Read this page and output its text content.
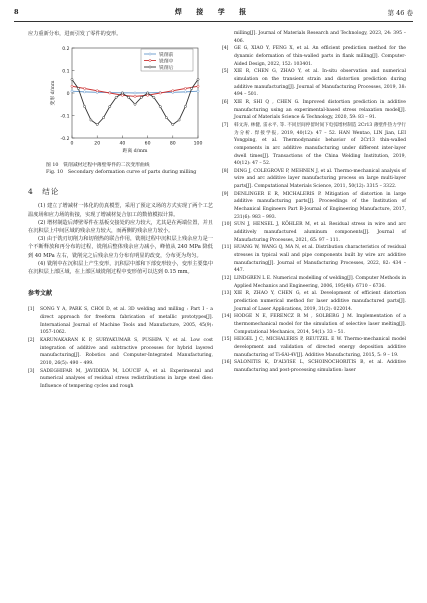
8	焊 接 学 报	第 46 卷

应力重新分布，进而引发了零件的变形。

0.2
0.1
0
-0.1
-0.2
0	20	40	60	80	100
距离 d/mm
变形 d/mm
铣削前
铣削中
铣削后
图 10　铣削减材过程中薄壁零件的二次变形曲线
Fig. 10　Secondary deformation curve of parts during milling
4　结论

(1) 建立了增减材一体化的仿真模型，采用了预定义场的方式实现了两个工艺温度场和应力场的衔接，实现了增减材复合加工的数值模拟计算。

(2) 增材制造后薄壁零件在基板交接处的应力较大，尤其是在两端位置，并且在沉积层上中间区域的残余应力较大，而两侧的残余应力较小。

(3) 由于铣刃切削力和切削热的联合作用，铣削过程中沉积层上残余应力是一个不断释放和再分布的过程，铣削后整体残余应力减小，峰值从 240 MPa 降低到 40 MPa 左右，铣削完之后残余应力分布有明显的改变，分布更为均匀。

(4) 铣削中在沉积层上产生变形，沉积层中部和下部变形较小，变形主要集中在沉积层上部区域，在上部区域铣削过程中变形值可以达到 0.15 mm。

参考文献
[1]	SONG Y A, PARK S, CHOI D, et al. 3D welding and milling : Part I - a direct approach for freeform fabrication of metallic prototypes[J]. International Journal of Machine Tools and Manufacture, 2005, 45(9): 1057-1062.
[2]	KARUNAKARAN K P, SURYAKUMAR S, PUSHPA V, et al. Low cost integration of additive and subtractive processes for hybrid layered manufacturing[J]. Robotics and Computer-Integrated Manufacturing, 2010, 26(5): 490 – 499.
[3]	SADEGHIFAR M, JAVIDIKIA M, LOUCIF A, et al. Experimental and numerical analyses of residual stress redistributions in large steel dies: Influence of tempering cycles and rough
milling[J]. Journal of Materials Research and Technology, 2023, 24: 395 – 406.
[4]	GE G, XIAO Y, FENG X, et al. An efficient prediction method for the dynamic deformation of thin-walled parts in flank milling[J]. Computer-Aided Design, 2022, 152: 103401.
[5]	XIE R, CHEN G, ZHAO Y, et al. In-situ observation and numerical simulation on the transient strain and distortion prediction during additive manufacturing[J]. Journal of Manufacturing Processes, 2019, 38: 494 – 501.
[6]	XIE R, SHI Q , CHEN G. Improved distortion prediction in additive manufacturing using an experimental-based stress relaxation model[J]. Journal of Materials Science & Technology, 2020, 59: 83 – 91.
[7]	韩文涛, 林健, 雷永平, 等. 不同层间停留时间下电弧增材制造 2Cr13 薄壁件热力学行为分析. 焊接学报, 2019, 40(12): 47 – 52. HAN Wentao, LIN Jian, LEI Yongping, et al. Thermodynamic behavior of 2Cr13 thin-walled components in arc additive manufacturing under different inter-layer dwell times[J]. Transactions of the China Welding Institution, 2019, 40(12): 47 – 52.
[8]	DING J, COLEGROVE P, MEHNEN J, et al. Thermo-mechanical analysis of wire and arc additive layer manufacturing process on large multi-layer parts[J]. Computational Materials Science, 2011, 50(12): 3315 – 3322.
[9]	DENLINGER E R, MICHALERIS P. Mitigation of distortion in large additive manufacturing parts[J]. Proceedings of the Institution of Mechanical Engineers Part B-Journal of Engineering Manufacture, 2017, 231(6): 983 – 993.
[10] SUN J, HENSEL J, KÖHLER M, et al. Residual stress in wire and arc additively manufactured aluminum components[J]. Journal of Manufacturing Processes, 2021, 65: 97 – 111.
[11] HUANG W, WANG Q, MA N, et al. Distribution characteristics of residual stresses in typical wall and pipe components built by wire arc additive manufacturing[J]. Journal of Manufacturing Processes, 2022, 82: 434 – 447.
[12] LINDGREN L E. Numerical modelling of welding[J]. Computer Methods in Applied Mechanics and Engineering, 2006, 195(48): 6710 – 6736.
[13] XIE R, ZHAO Y, CHEN G, et al. Development of efficient distortion prediction numerical method for laser additive manufactured parts[J]. Journal of Laser Applications, 2019, 31(2): 022014.
[14] HODGE N E, FERENCZ R M , SOLBERG J M. Implementation of a thermomechanical model for the simulation of selective laser melting[J]. Computational Mechanics, 2014, 54(1): 33 – 51.
[15] HEIGEL J C, MICHALERIS P, REUTZEL E W. Thermo-mechanical model development and validation of directed energy deposition additive manufacturing of Ti-6Al-4V[J]. Additive Manufacturing, 2015, 5: 9 – 19.
[16] SALONITIS K, D'ALVISE L, SCHOINOCHORITIS B, et al. Additive manufacturing and post-processing simulation: laser
